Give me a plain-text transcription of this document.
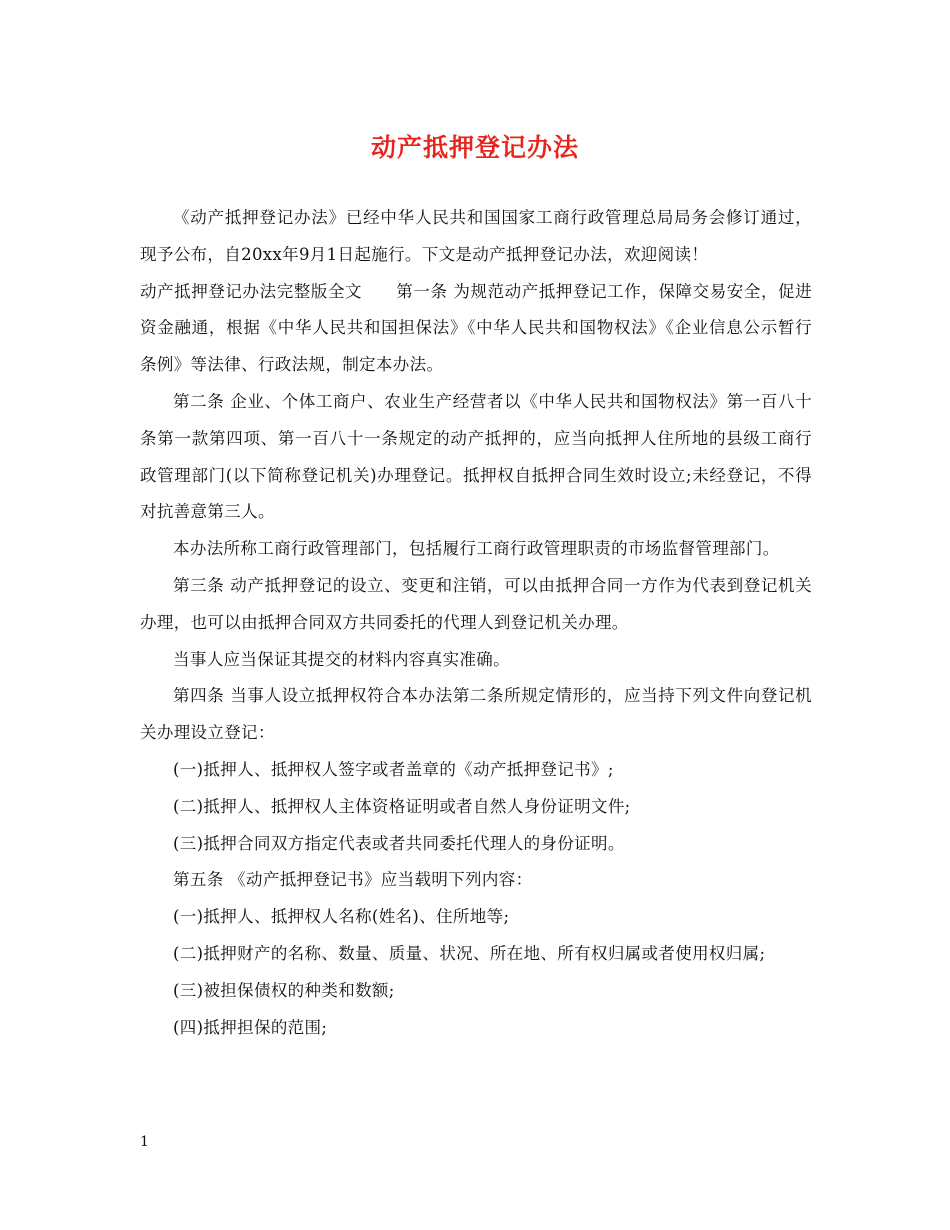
动产抵押登记办法

《动产抵押登记办法》已经中华人民共和国国家工商行政管理总局局务会修订通过，现予公布，自20xx年9月1日起施行。下文是动产抵押登记办法，欢迎阅读！

动产抵押登记办法完整版全文　　第一条 为规范动产抵押登记工作，保障交易安全，促进资金融通，根据《中华人民共和国担保法》《中华人民共和国物权法》《企业信息公示暂行条例》等法律、行政法规，制定本办法。

第二条 企业、个体工商户、农业生产经营者以《中华人民共和国物权法》第一百八十条第一款第四项、第一百八十一条规定的动产抵押的，应当向抵押人住所地的县级工商行政管理部门(以下简称登记机关)办理登记。抵押权自抵押合同生效时设立;未经登记，不得对抗善意第三人。

本办法所称工商行政管理部门，包括履行工商行政管理职责的市场监督管理部门。

第三条 动产抵押登记的设立、变更和注销，可以由抵押合同一方作为代表到登记机关办理，也可以由抵押合同双方共同委托的代理人到登记机关办理。

当事人应当保证其提交的材料内容真实准确。

第四条 当事人设立抵押权符合本办法第二条所规定情形的，应当持下列文件向登记机关办理设立登记：

(一)抵押人、抵押权人签字或者盖章的《动产抵押登记书》;

(二)抵押人、抵押权人主体资格证明或者自然人身份证明文件;

(三)抵押合同双方指定代表或者共同委托代理人的身份证明。

第五条 《动产抵押登记书》应当载明下列内容：

(一)抵押人、抵押权人名称(姓名)、住所地等;

(二)抵押财产的名称、数量、质量、状况、所在地、所有权归属或者使用权归属;

(三)被担保债权的种类和数额;

(四)抵押担保的范围;

1
